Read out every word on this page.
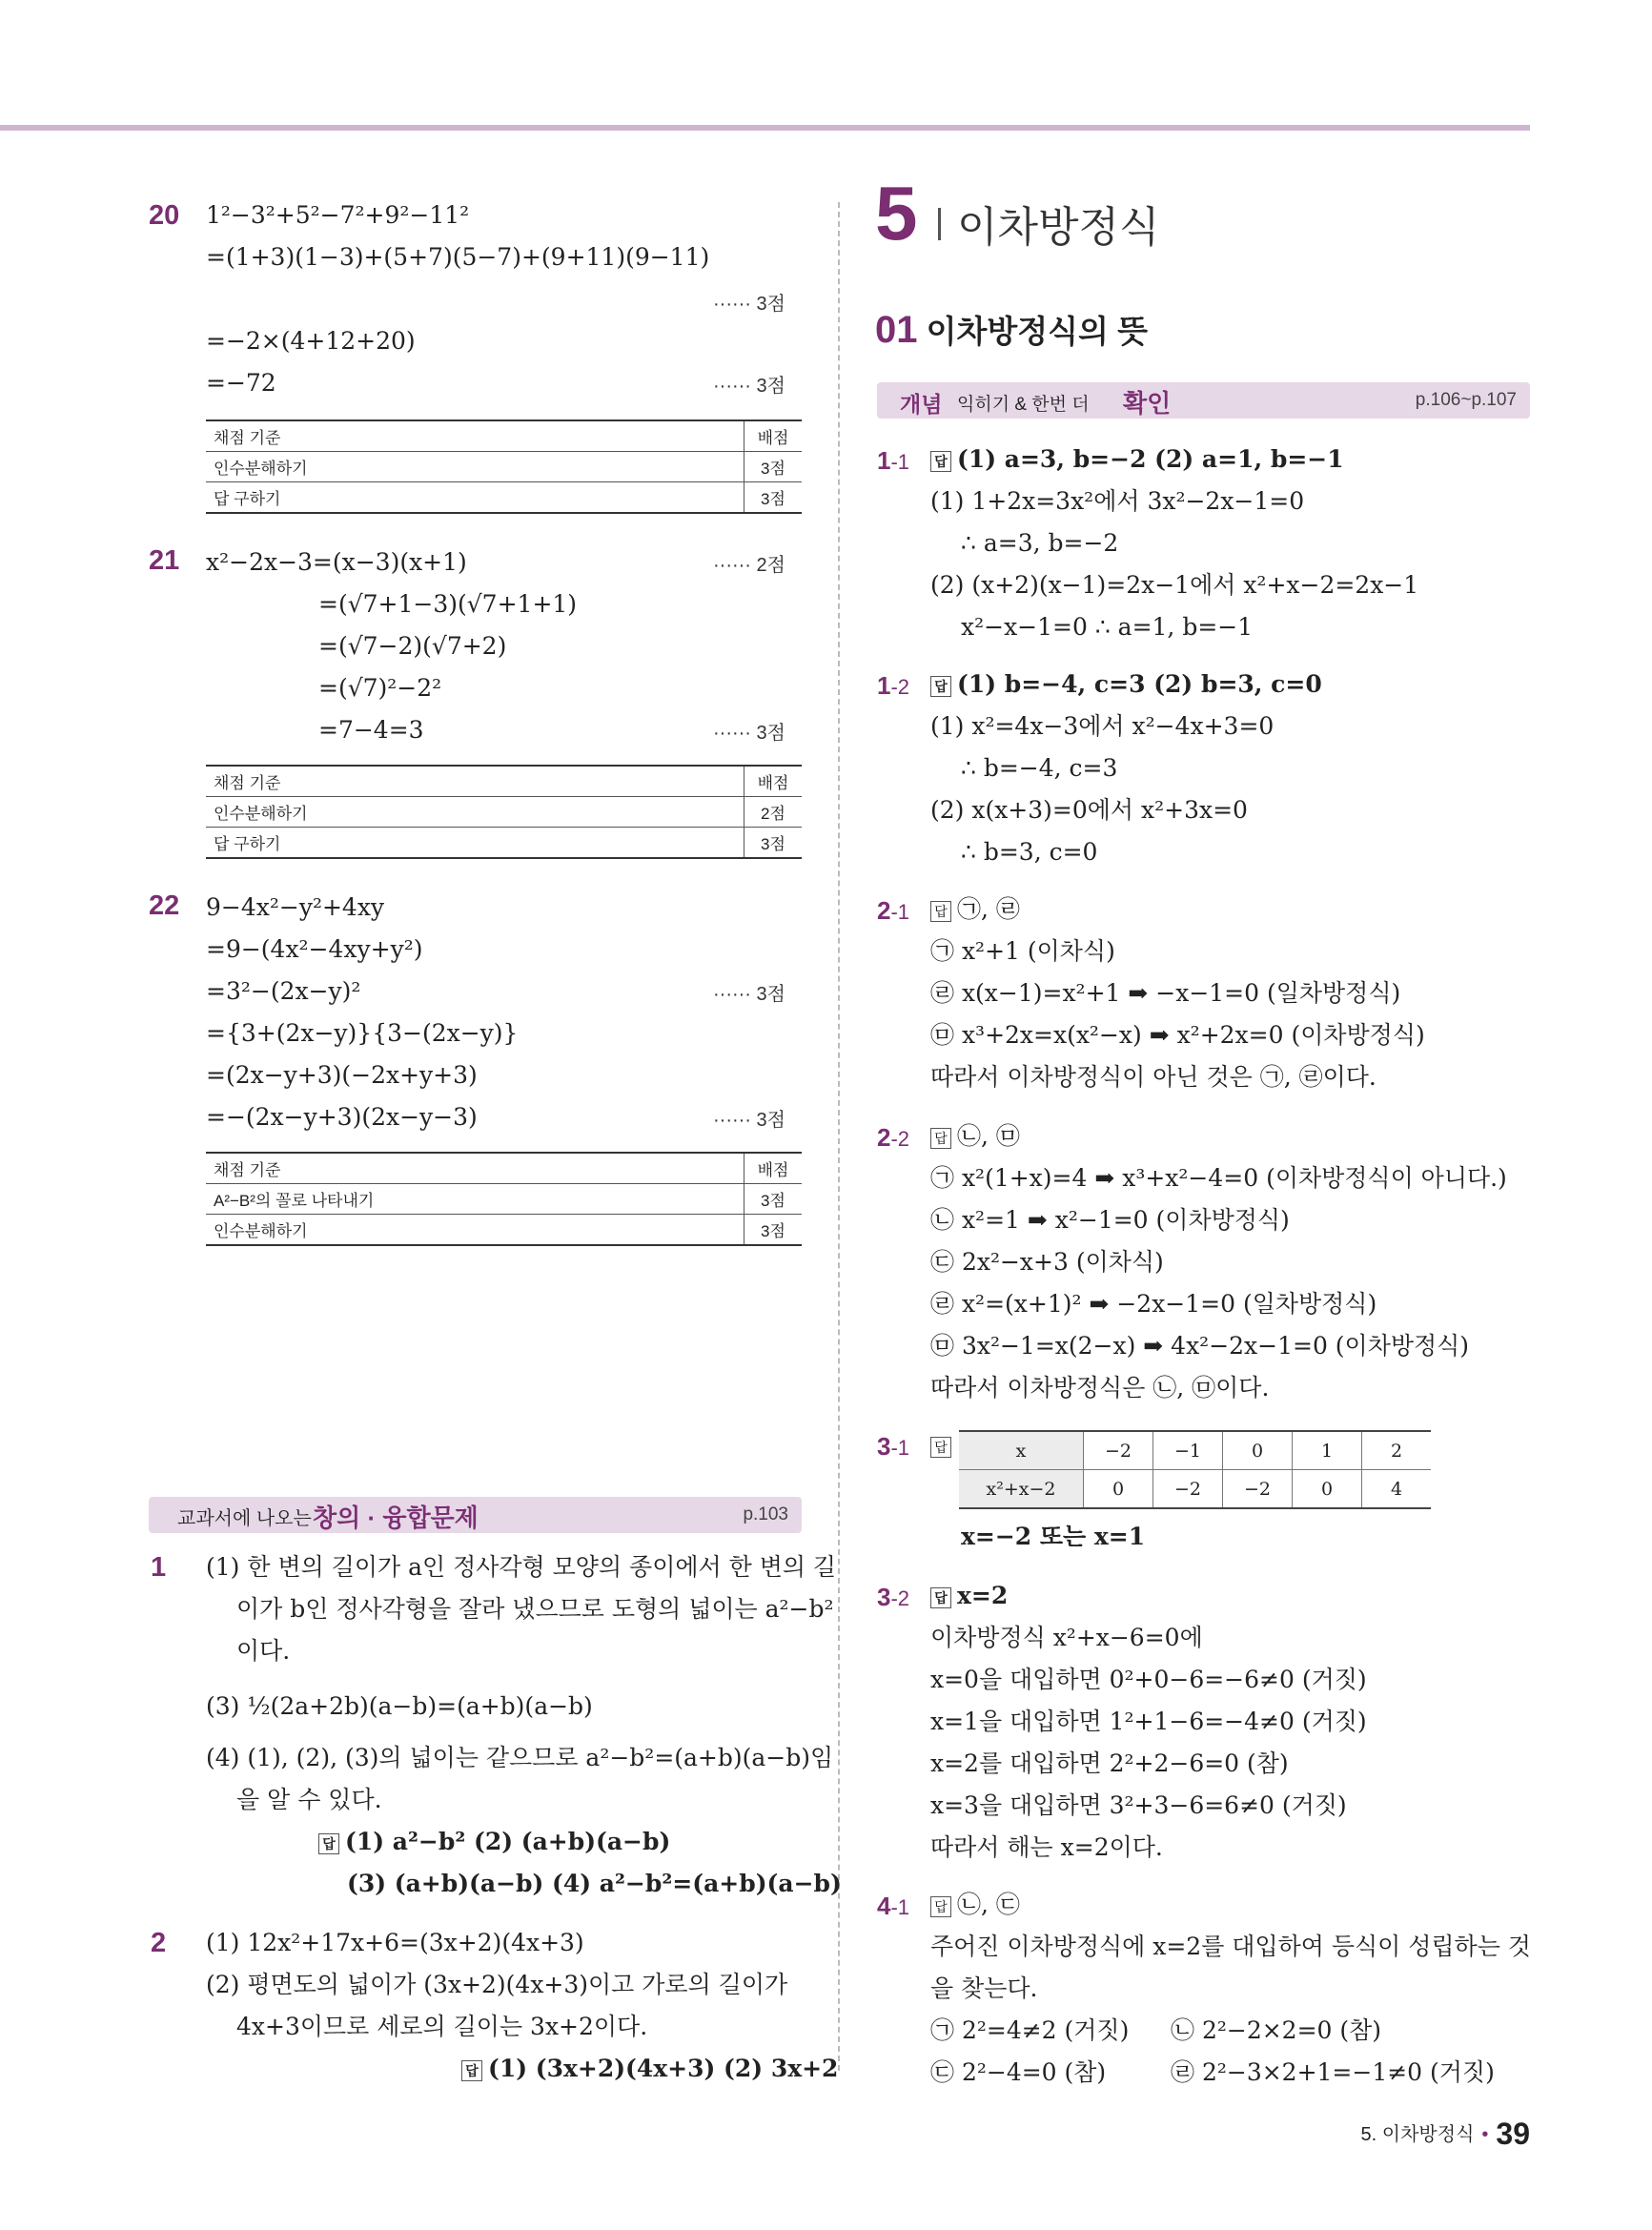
20 1²−3²+5²−7²+9²−11²
=(1+3)(1−3)+(5+7)(5−7)+(9+11)(9−11)
······ 3점
=−2×(4+12+20)
=−72	······ 3점
채점 기준	배점
인수분해하기	3점
답 구하기	3점
21 x²−2x−3=(x−3)(x+1)	······ 2점
=(√7+1−3)(√7+1+1)
=(√7−2)(√7+2)
=(√7)²−2²
=7−4=3	······ 3점
채점 기준	배점
인수분해하기	2점
답 구하기	3점
22 9−4x²−y²+4xy
=9−(4x²−4xy+y²)
=3²−(2x−y)²	······ 3점
={3+(2x−y)}{3−(2x−y)}
=(2x−y+3)(−2x+y+3)
=−(2x−y+3)(2x−y−3)	······ 3점
채점 기준	배점
A²−B²의 꼴로 나타내기	3점
인수분해하기	3점
교과서에 나오는 창의 · 융합문제	p.103
1 (1) 한 변의 길이가 a인 정사각형 모양의 종이에서 한 변의 길
이가 b인 정사각형을 잘라 냈으므로 도형의 넓이는 a²−b²
이다.
(3) ½(2a+2b)(a−b)=(a+b)(a−b)
(4) (1), (2), (3)의 넓이는 같으므로 a²−b²=(a+b)(a−b)임
을 알 수 있다.
답 (1) a²−b² (2) (a+b)(a−b)
(3) (a+b)(a−b) (4) a²−b²=(a+b)(a−b)
2 (1) 12x²+17x+6=(3x+2)(4x+3)
(2) 평면도의 넓이가 (3x+2)(4x+3)이고 가로의 길이가
4x+3이므로 세로의 길이는 3x+2이다.
답 (1) (3x+2)(4x+3) (2) 3x+2
5 이차방정식
01 이차방정식의 뜻
개념 익히기 & 한번 더 확인	p.106~p.107
1-1	답 (1) a=3, b=−2 (2) a=1, b=−1
(1) 1+2x=3x²에서 3x²−2x−1=0
∴ a=3, b=−2
(2) (x+2)(x−1)=2x−1에서 x²+x−2=2x−1
x²−x−1=0 ∴ a=1, b=−1
1-2	답 (1) b=−4, c=3 (2) b=3, c=0
(1) x²=4x−3에서 x²−4x+3=0
∴ b=−4, c=3
(2) x(x+3)=0에서 x²+3x=0
∴ b=3, c=0
2-1	답 ㉠, ㉣
㉠ x²+1 (이차식)
㉣ x(x−1)=x²+1 ➡ −x−1=0 (일차방정식)
㉤ x³+2x=x(x²−x) ➡ x²+2x=0 (이차방정식)
따라서 이차방정식이 아닌 것은 ㉠, ㉣이다.
2-2	답 ㉡, ㉤
㉠ x²(1+x)=4 ➡ x³+x²−4=0 (이차방정식이 아니다.)
㉡ x²=1 ➡ x²−1=0 (이차방정식)
㉢ 2x²−x+3 (이차식)
㉣ x²=(x+1)² ➡ −2x−1=0 (일차방정식)
㉤ 3x²−1=x(2−x) ➡ 4x²−2x−1=0 (이차방정식)
따라서 이차방정식은 ㉡, ㉤이다.
3-1	답	x	−2	−1	0	1	2
x²+x−2	0	−2	−2	0	4
x=−2 또는 x=1
3-2	답 x=2
이차방정식 x²+x−6=0에
x=0을 대입하면 0²+0−6=−6≠0 (거짓)
x=1을 대입하면 1²+1−6=−4≠0 (거짓)
x=2를 대입하면 2²+2−6=0 (참)
x=3을 대입하면 3²+3−6=6≠0 (거짓)
따라서 해는 x=2이다.
4-1	답 ㉡, ㉢
주어진 이차방정식에 x=2를 대입하여 등식이 성립하는 것
을 찾는다.
㉠ 2²=4≠2 (거짓) ㉡ 2²−2×2=0 (참)
㉢ 2²−4=0 (참)	㉣ 2²−3×2+1=−1≠0 (거짓)
5. 이차방정식 • 39
